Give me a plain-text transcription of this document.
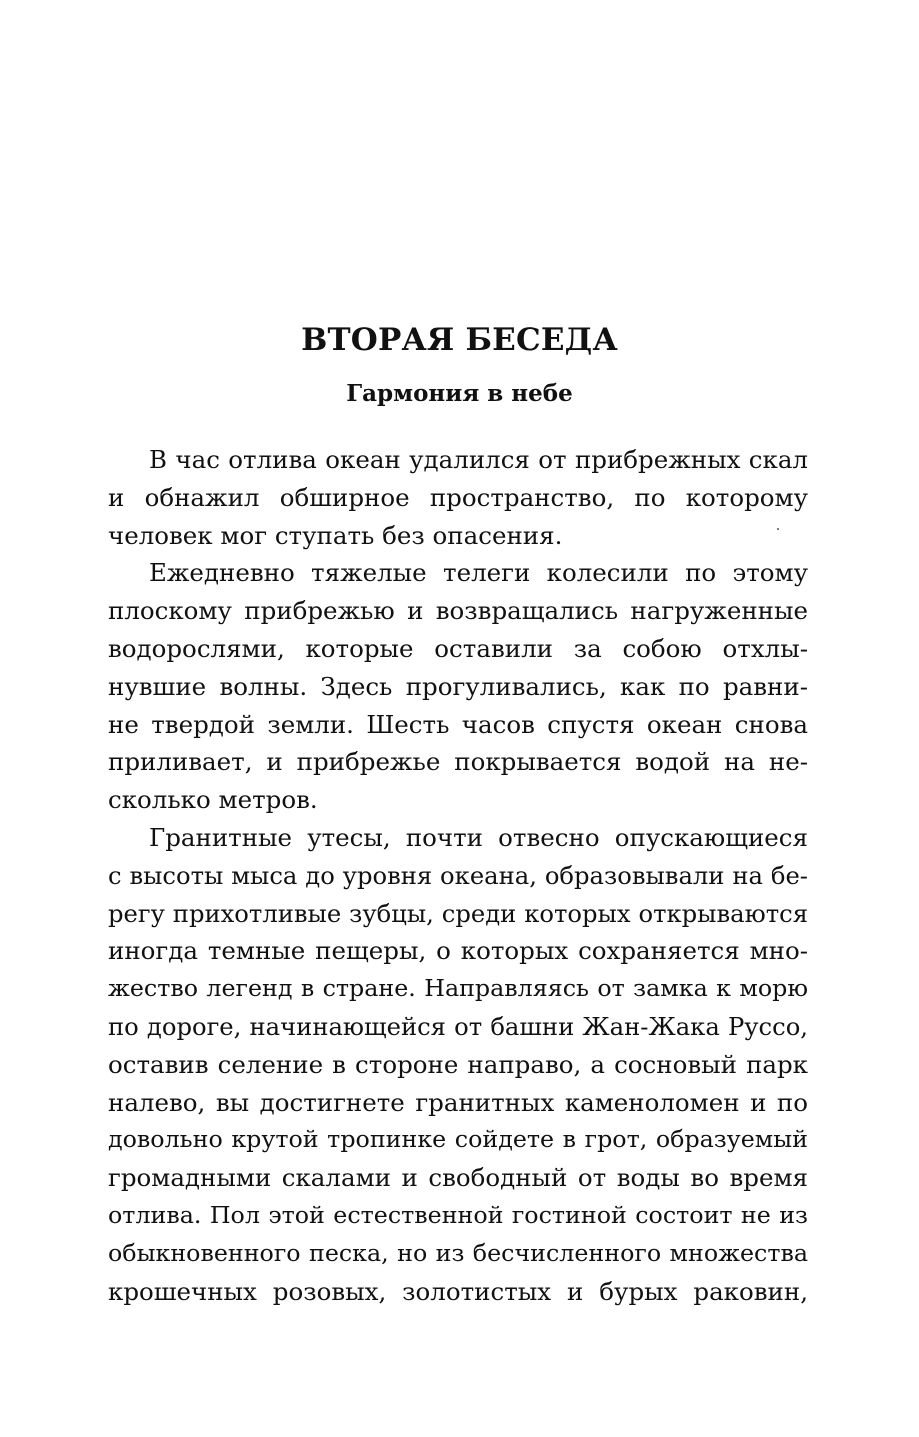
ВТОРАЯ БЕСЕДА
Гармония в небе
В час отлива океан удалился от прибрежных скал
и обнажил обширное пространство, по которому
человек мог ступать без опасения.
Ежедневно тяжелые телеги колесили по этому
плоскому прибрежью и возвращались нагруженные
водорослями, которые оставили за собою отхлы-
нувшие волны. Здесь прогуливались, как по равни-
не твердой земли. Шесть часов спустя океан снова
приливает, и прибрежье покрывается водой на не-
сколько метров.
Гранитные утесы, почти отвесно опускающиеся
с высоты мыса до уровня океана, образовывали на бе-
регу прихотливые зубцы, среди которых открываются
иногда темные пещеры, о которых сохраняется мно-
жество легенд в стране. Направляясь от замка к морю
по дороге, начинающейся от башни Жан-Жака Руссо,
оставив селение в стороне направо, а сосновый парк
налево, вы достигнете гранитных каменоломен и по
довольно крутой тропинке сойдете в грот, образуемый
громадными скалами и свободный от воды во время
отлива. Пол этой естественной гостиной состоит не из
обыкновенного песка, но из бесчисленного множества
крошечных розовых, золотистых и бурых раковин,
